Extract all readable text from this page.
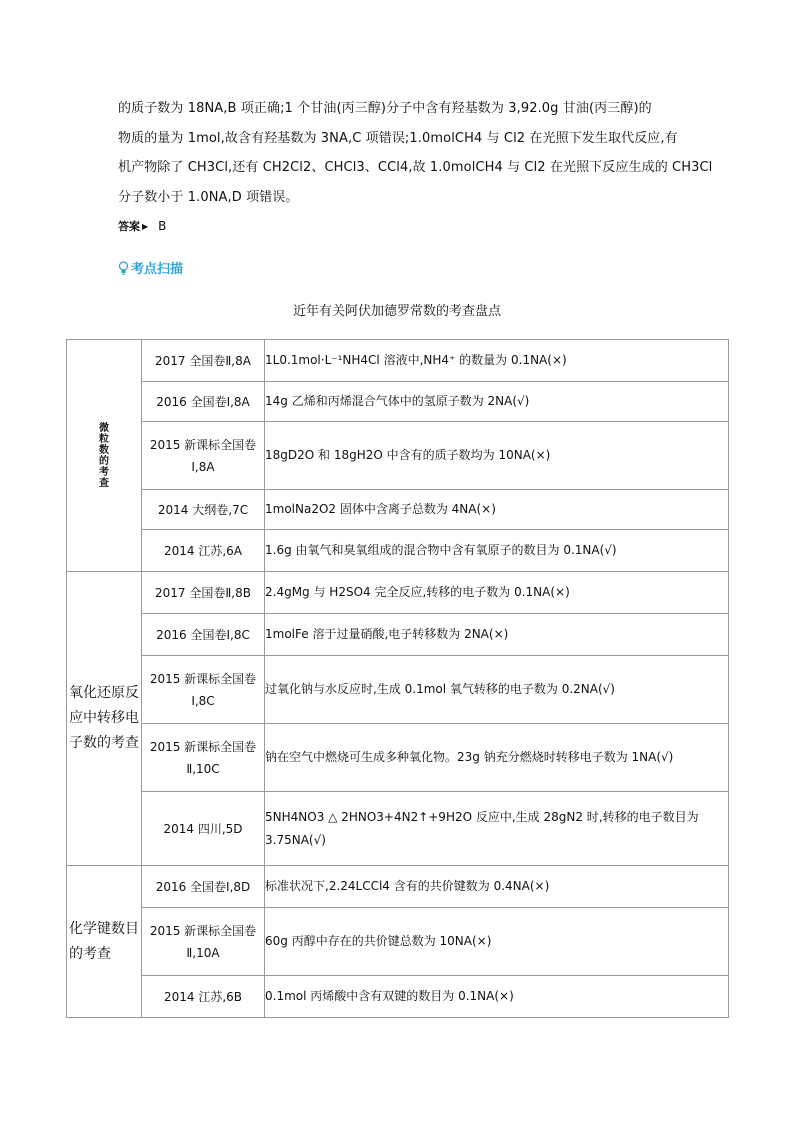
的质子数为 18NA,B 项正确;1 个甘油(丙三醇)分子中含有羟基数为 3,92.0g 甘油(丙三醇)的
物质的量为 1mol,故含有羟基数为 3NA,C 项错误;1.0molCH4 与 Cl2 在光照下发生取代反应,有
机产物除了 CH3Cl,还有 CH2Cl2、CHCl3、CCl4,故 1.0molCH4 与 Cl2 在光照下反应生成的 CH3Cl
分子数小于 1.0NA,D 项错误。
答案 ▶ B
考点扫描
近年有关阿伏加德罗常数的考查盘点
微粒数的考查	2017 全国卷Ⅱ,8A	1L0.1mol·L⁻¹NH4Cl 溶液中,NH4⁺ 的数量为 0.1NA(×)
	2016 全国卷Ⅰ,8A	14g 乙烯和丙烯混合气体中的氢原子数为 2NA(√)
	2015 新课标全国卷Ⅰ,8A	18gD2O 和 18gH2O 中含有的质子数均为 10NA(×)
	2014 大纲卷,7C	1molNa2O2 固体中含离子总数为 4NA(×)
	2014 江苏,6A	1.6g 由氧气和臭氧组成的混合物中含有氧原子的数目为 0.1NA(√)
氧化还原反应中转移电子数的考查	2017 全国卷Ⅱ,8B	2.4gMg 与 H2SO4 完全反应,转移的电子数为 0.1NA(×)
	2016 全国卷Ⅰ,8C	1molFe 溶于过量硝酸,电子转移数为 2NA(×)
	2015 新课标全国卷Ⅰ,8C	过氧化钠与水反应时,生成 0.1mol 氧气转移的电子数为 0.2NA(√)
	2015 新课标全国卷Ⅱ,10C	钠在空气中燃烧可生成多种氧化物。23g 钠充分燃烧时转移电子数为 1NA(√)
	2014 四川,5D	5NH4NO3 △ 2HNO3+4N2↑+9H2O 反应中,生成 28gN2 时,转移的电子数目为 3.75NA(√)
化学键数目的考查	2016 全国卷Ⅰ,8D	标准状况下,2.24LCCl4 含有的共价键数为 0.4NA(×)
	2015 新课标全国卷Ⅱ,10A	60g 丙醇中存在的共价键总数为 10NA(×)
	2014 江苏,6B	0.1mol 丙烯酸中含有双键的数目为 0.1NA(×)
